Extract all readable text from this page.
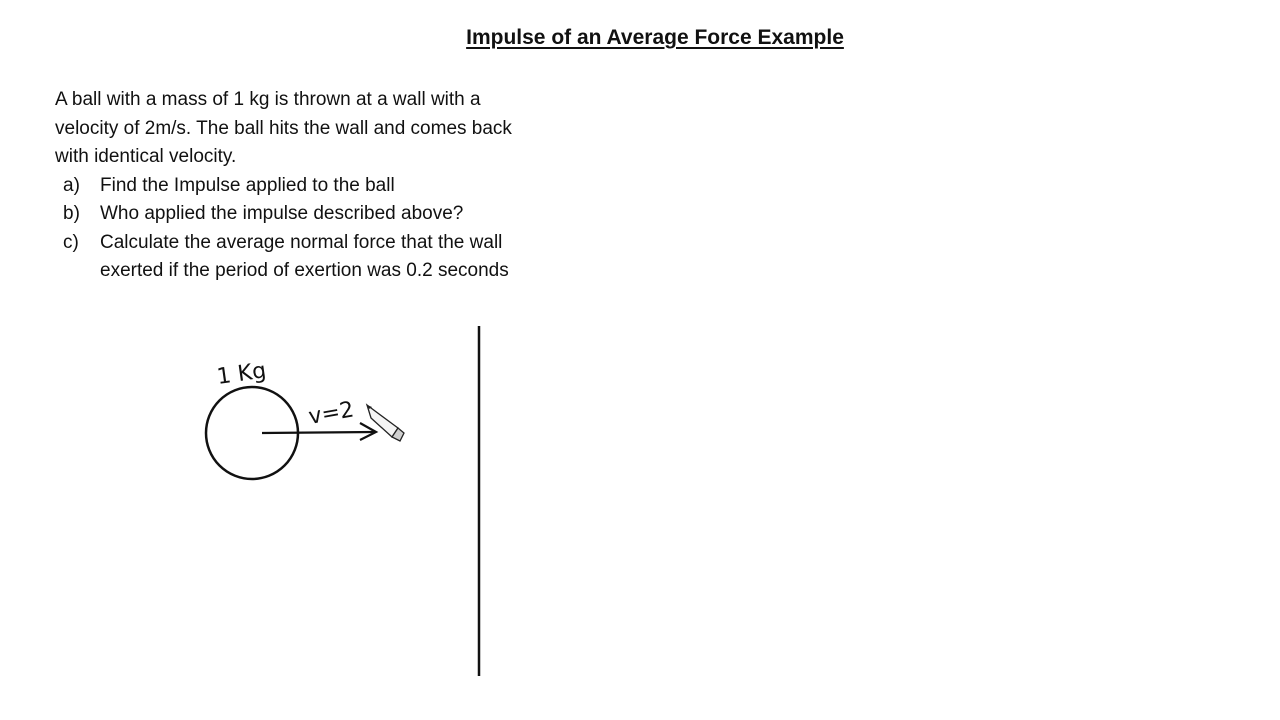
Impulse of an Average Force Example

A ball with a mass of 1 kg is thrown at a wall with a velocity of 2m/s. The ball hits the wall and comes back with identical velocity.

a) Find the Impulse applied to the ball
b) Who applied the impulse described above?
c) Calculate the average normal force that the wall exerted if the period of exertion was 0.2 seconds
1 Kg
v=2
